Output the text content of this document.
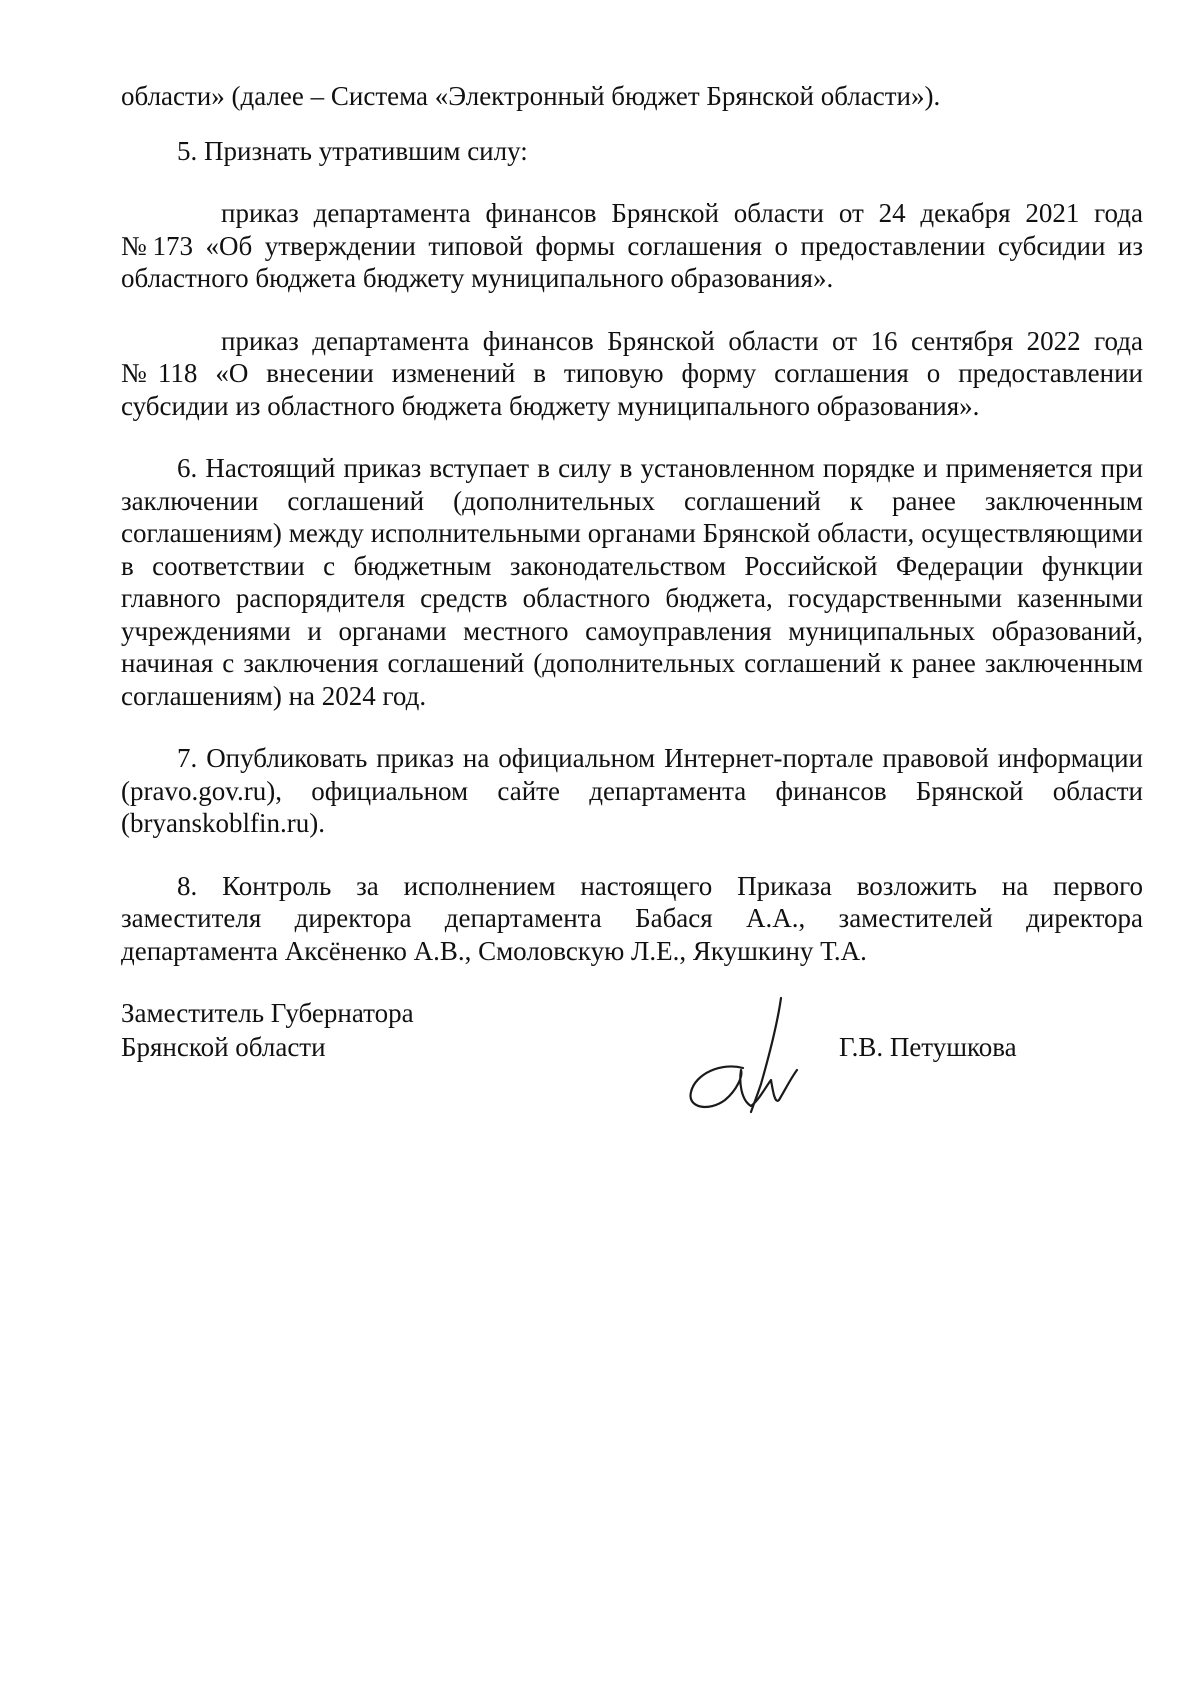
области» (далее – Система «Электронный бюджет Брянской области»).

5. Признать утратившим силу:

приказ департамента финансов Брянской области от 24 декабря 2021 года №173 «Об утверждении типовой формы соглашения о предоставлении субсидии из областного бюджета бюджету муниципального образования».

приказ департамента финансов Брянской области от 16 сентября 2022 года №118 «О внесении изменений в типовую форму соглашения о предоставлении субсидии из областного бюджета бюджету муниципального образования».

6. Настоящий приказ вступает в силу в установленном порядке и применяется при заключении соглашений (дополнительных соглашений к ранее заключенным соглашениям) между исполнительными органами Брянской области, осуществляющими в соответствии с бюджетным законодательством Российской Федерации функции главного распорядителя средств областного бюджета, государственными казенными учреждениями и органами местного самоуправления муниципальных образований, начиная с заключения соглашений (дополнительных соглашений к ранее заключенным соглашениям) на 2024 год.

7. Опубликовать приказ на официальном Интернет-портале правовой информации (pravo.gov.ru), официальном сайте департамента финансов Брянской области (bryanskoblfin.ru).

8. Контроль за исполнением настоящего Приказа возложить на первого заместителя директора департамента Бабася А.А., заместителей директора департамента Аксёненко А.В., Смоловскую Л.Е., Якушкину Т.А.

Заместитель Губернатора
Брянской области	Г.В. Петушкова
